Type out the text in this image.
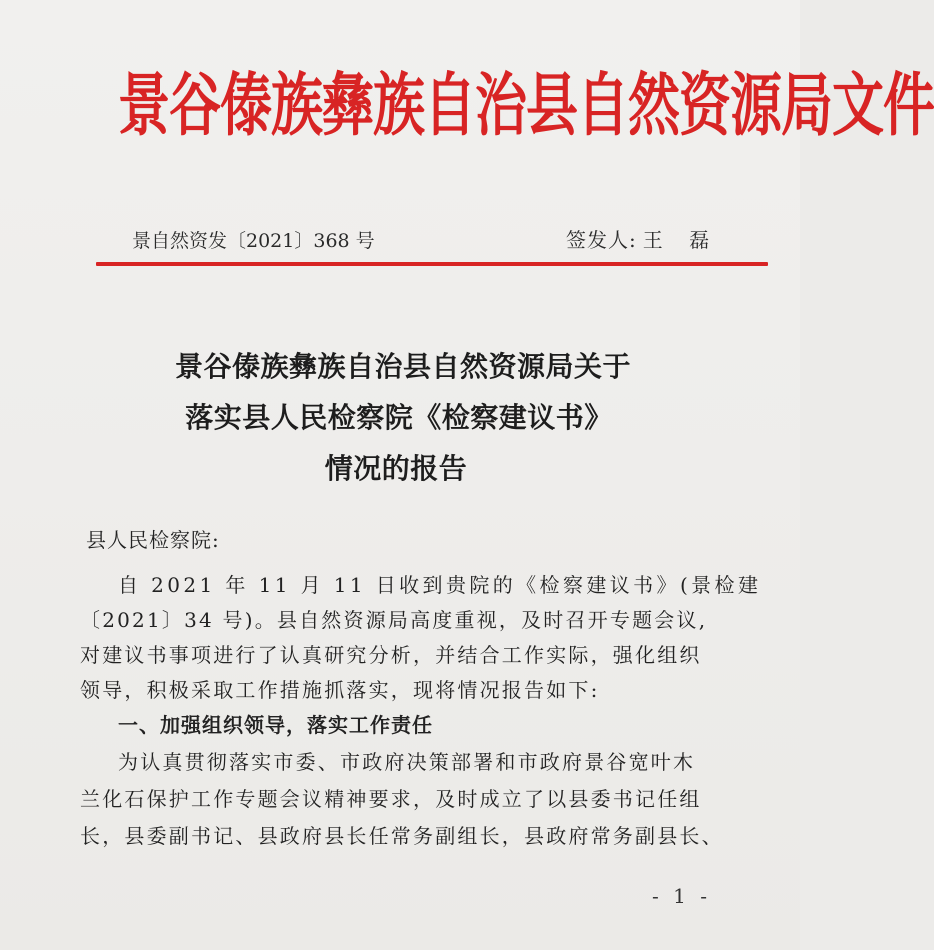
景谷傣族彝族自治县自然资源局文件
景自然资发〔2021〕368 号	签发人: 王 磊
景谷傣族彝族自治县自然资源局关于
落实县人民检察院《检察建议书》
情况的报告
县人民检察院:
自 2021 年 11 月 11 日收到贵院的《检察建议书》(景检建
〔2021〕34 号)。县自然资源局高度重视，及时召开专题会议,
对建议书事项进行了认真研究分析，并结合工作实际，强化组织
领导，积极采取工作措施抓落实，现将情况报告如下:
一、加强组织领导，落实工作责任
为认真贯彻落实市委、市政府决策部署和市政府景谷宽叶木
兰化石保护工作专题会议精神要求，及时成立了以县委书记任组
长，县委副书记、县政府县长任常务副组长，县政府常务副县长、
- 1 -
